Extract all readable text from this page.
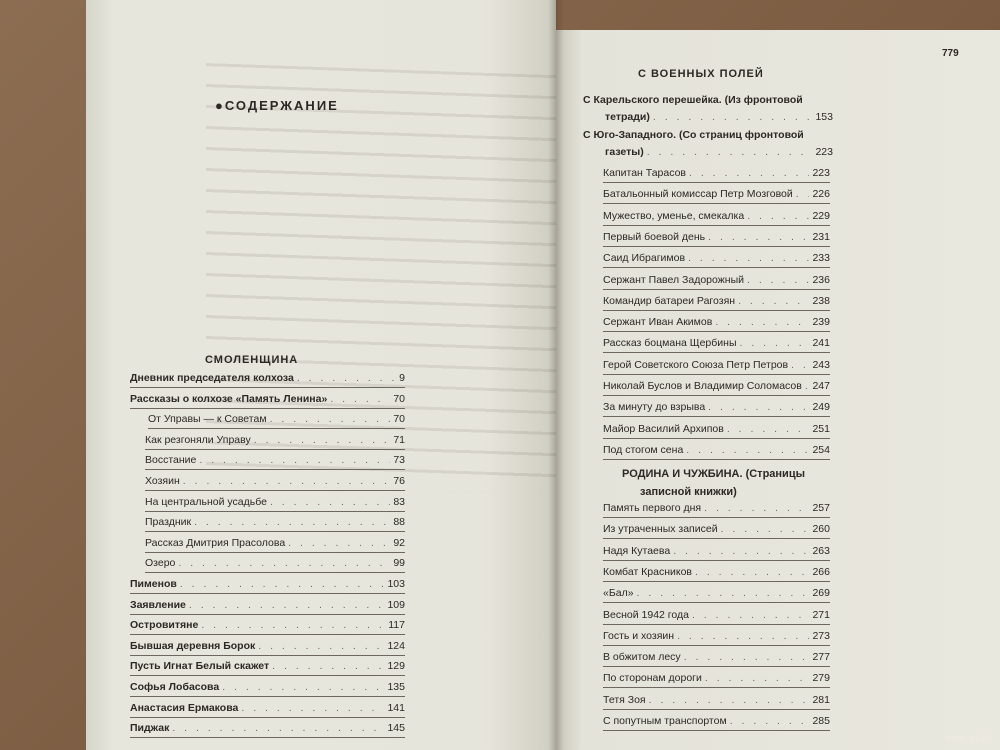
●СОДЕРЖАНИЕ
СМОЛЕНЩИНА
Дневник председателя колхоза . . .	9
Рассказы о колхозе «Память Ленина» . . .	70
От Управы — к Советам . . .	70
Как резгоняли Управу . . .	71
Восстание . . .	73
Хозяин . . .	76
На центральной усадьбе . . .	83
Праздник . . .	88
Рассказ Дмитрия Прасолова . . .	92
Озеро . . .	99
Пименов . . .	103
Заявление . . .	109
Островитяне . . .	117
Бывшая деревня Борок . . .	124
Пусть Игнат Белый скажет . . .	129
Софья Лобасова . . .	135
Анастасия Ермакова . . .	141
Пиджак . . .	145
779
С ВОЕННЫХ ПОЛЕЙ
С Карельского перешейка. (Из фронтовой
тетради) . . .	153
С Юго-Западного. (Со страниц фронтовой
газеты) . . .	223
Капитан Тарасов . . .	223
Батальонный комиссар Петр Мозговой . . . 226
Мужество, уменье, смекалка . . .	229
Первый боевой день . . .	231
Саид Ибрагимов . . .	233
Сержант Павел Задорожный . . .	236
Командир батареи Рагозян . . .	238
Сержант Иван Акимов . . .	239
Рассказ боцмана Щербины . . .	241
Герой Советского Союза Петр Петров . . . 243
Николай Буслов и Владимир Соломасов . . . 247
За минуту до взрыва . . .	249
Майор Василий Архипов . . .	251
Под стогом сена . . .	254
РОДИНА И ЧУЖБИНА. (Страницы
записной книжки)
Память первого дня . . .	257
Из утраченных записей . . .	260
Надя Кутаева . . .	263
Комбат Красников . . .	266
«Бал» . . .	269
Весной 1942 года . . .	271
Гость и хозяин . . .	273
В обжитом лесу . . .	277
По сторонам дороги . . .	279
Тетя Зоя . . .	281
С попутным транспортом . . .	285
www.ay.by
